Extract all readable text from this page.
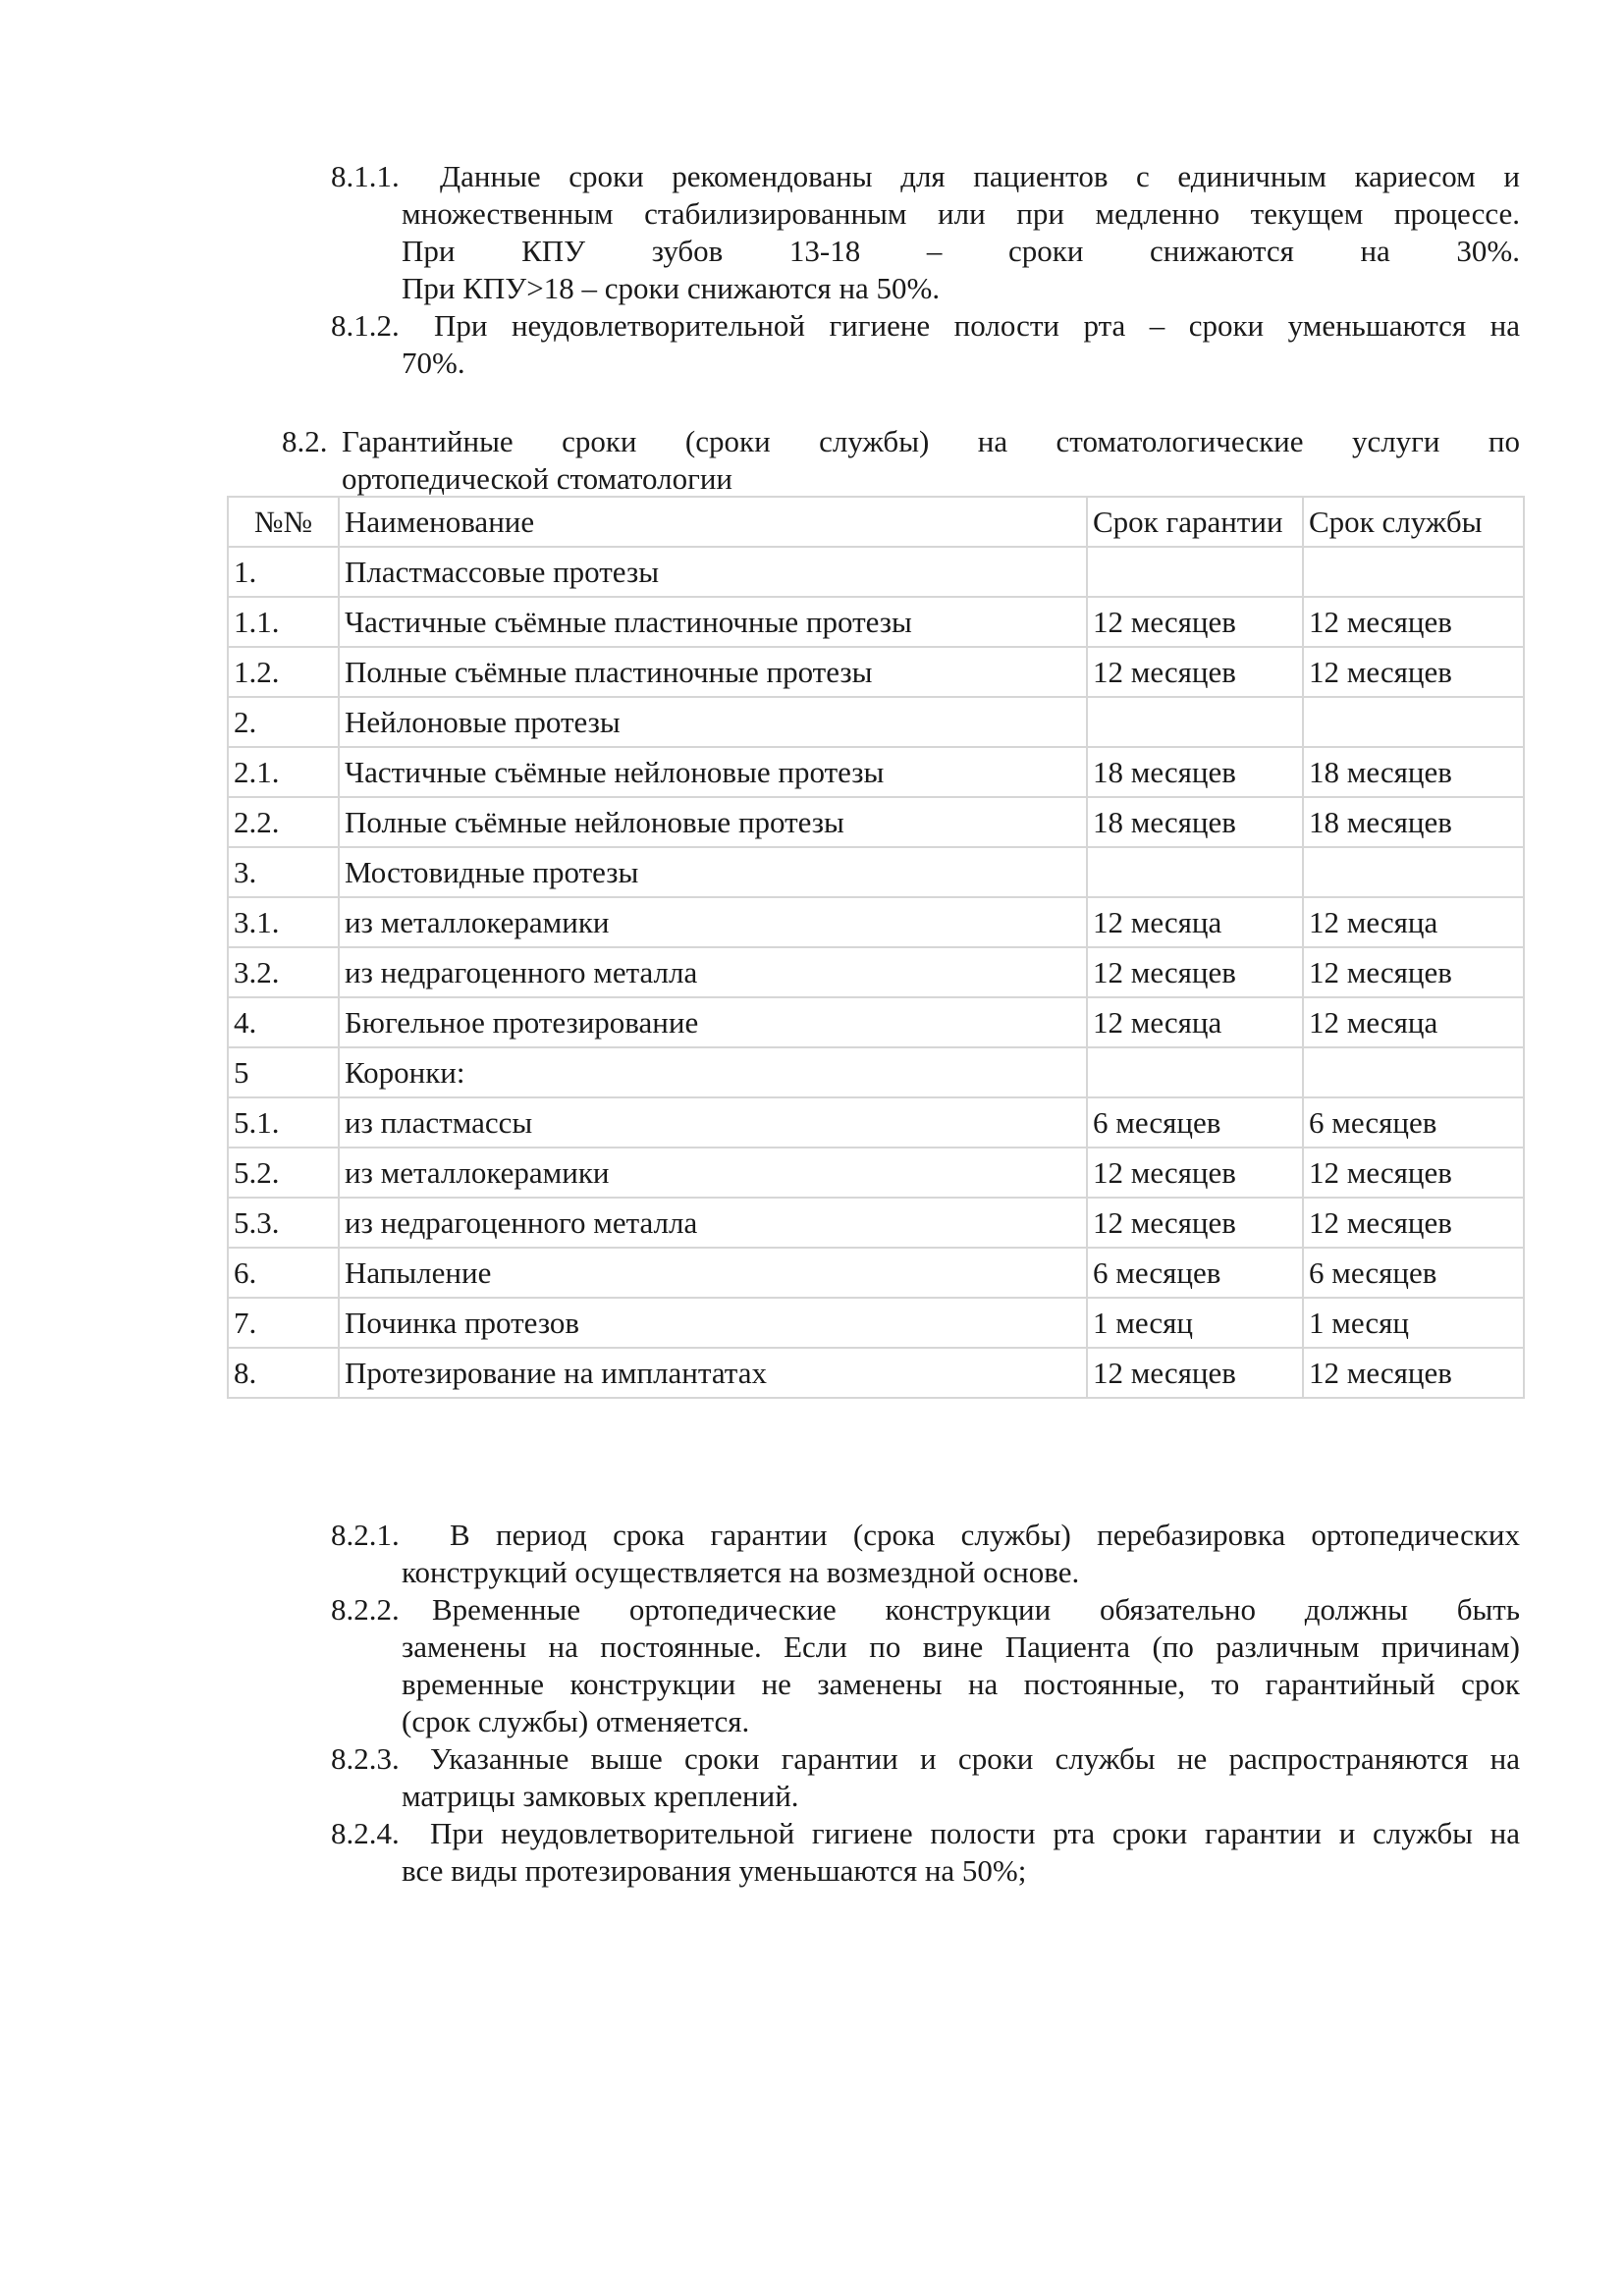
8.1.1. Данные сроки рекомендованы для пациентов с единичным кариесом и
множественным стабилизированным или при медленно текущем процессе.
При КПУ зубов 13-18 – сроки снижаются на 30%.
При КПУ>18 – сроки снижаются на 50%.
8.1.2. При неудовлетворительной гигиене полости рта – сроки уменьшаются на
70%.
8.2. Гарантийные сроки (сроки службы) на стоматологические услуги по
ортопедической стоматологии
№№	Наименование	Срок гарантии	Срок службы
1.	Пластмассовые протезы		
1.1.	Частичные съёмные пластиночные протезы	12 месяцев	12 месяцев
1.2.	Полные съёмные пластиночные протезы	12 месяцев	12 месяцев
2.	Нейлоновые протезы		
2.1.	Частичные съёмные нейлоновые протезы	18 месяцев	18 месяцев
2.2.	Полные съёмные нейлоновые протезы	18 месяцев	18 месяцев
3.	Мостовидные протезы		
3.1.	из металлокерамики	12 месяца	12 месяца
3.2.	из недрагоценного металла	12 месяцев	12 месяцев
4.	Бюгельное протезирование	12 месяца	12 месяца
5	Коронки:		
5.1.	из пластмассы	6 месяцев	6 месяцев
5.2.	из металлокерамики	12 месяцев	12 месяцев
5.3.	из недрагоценного металла	12 месяцев	12 месяцев
6.	Напыление	6 месяцев	6 месяцев
7.	Починка протезов	1 месяц	1 месяц
8.	Протезирование на имплантатах	12 месяцев	12 месяцев
8.2.1. В период срока гарантии (срока службы) перебазировка ортопедических
конструкций осуществляется на возмездной основе.
8.2.2. Временные ортопедические конструкции обязательно должны быть
заменены на постоянные. Если по вине Пациента (по различным причинам)
временные конструкции не заменены на постоянные, то гарантийный срок
(срок службы) отменяется.
8.2.3. Указанные выше сроки гарантии и сроки службы не распространяются на
матрицы замковых креплений.
8.2.4. При неудовлетворительной гигиене полости рта сроки гарантии и службы на
все виды протезирования уменьшаются на 50%;
